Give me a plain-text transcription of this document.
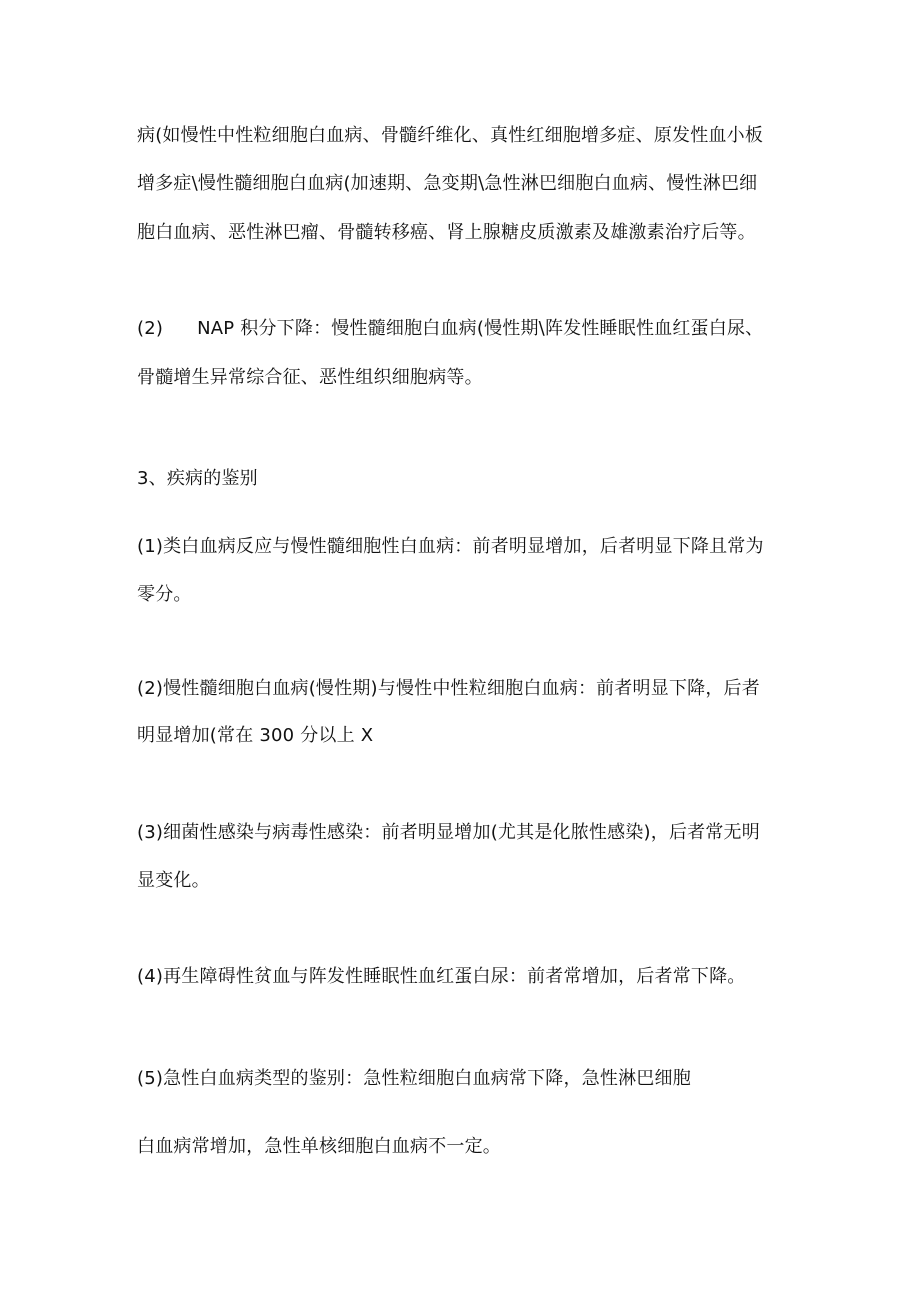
病(如慢性中性粒细胞白血病、骨髓纤维化、真性红细胞增多症、原发性血小板
增多症\慢性髓细胞白血病(加速期、急变期\急性淋巴细胞白血病、慢性淋巴细
胞白血病、恶性淋巴瘤、骨髓转移癌、肾上腺糖皮质激素及雄激素治疗后等。
(2) NAP 积分下降：慢性髓细胞白血病(慢性期\阵发性睡眠性血红蛋白尿、
骨髓增生异常综合征、恶性组织细胞病等。
3、疾病的鉴别
(1)类白血病反应与慢性髓细胞性白血病：前者明显增加，后者明显下降且常为
零分。
(2)慢性髓细胞白血病(慢性期)与慢性中性粒细胞白血病：前者明显下降，后者
明显增加(常在 300 分以上 X
(3)细菌性感染与病毒性感染：前者明显增加(尤其是化脓性感染)，后者常无明
显变化。
(4)再生障碍性贫血与阵发性睡眠性血红蛋白尿：前者常增加，后者常下降。
(5)急性白血病类型的鉴别：急性粒细胞白血病常下降，急性淋巴细胞
白血病常增加，急性单核细胞白血病不一定。
